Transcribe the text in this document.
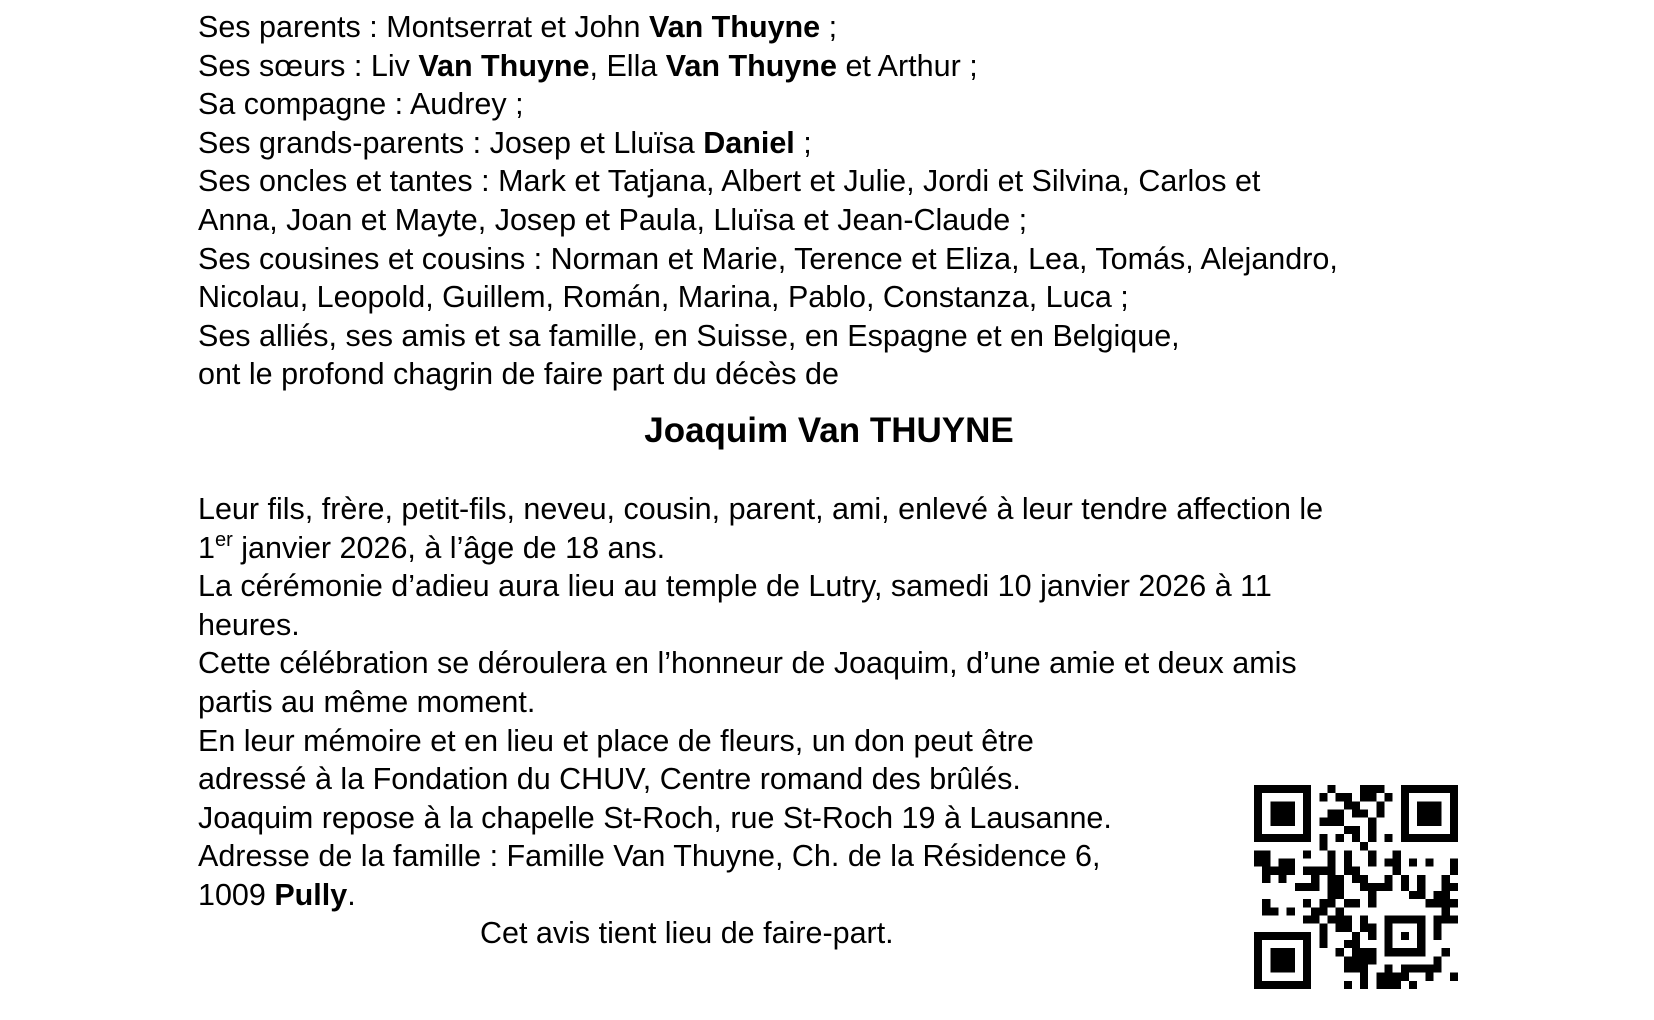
Ses parents : Montserrat et John Van Thuyne ;
Ses sœurs : Liv Van Thuyne, Ella Van Thuyne et Arthur ;
Sa compagne : Audrey ;
Ses grands-parents : Josep et Lluïsa Daniel ;
Ses oncles et tantes : Mark et Tatjana, Albert et Julie, Jordi et Silvina, Carlos et
Anna, Joan et Mayte, Josep et Paula, Lluïsa et Jean-Claude ;
Ses cousines et cousins : Norman et Marie, Terence et Eliza, Lea, Tomás, Alejandro,
Nicolau, Leopold, Guillem, Román, Marina, Pablo, Constanza, Luca ;
Ses alliés, ses amis et sa famille, en Suisse, en Espagne et en Belgique,
ont le profond chagrin de faire part du décès de
Joaquim Van THUYNE
Leur fils, frère, petit-fils, neveu, cousin, parent, ami, enlevé à leur tendre affection le
1er janvier 2026, à l’âge de 18 ans.
La cérémonie d’adieu aura lieu au temple de Lutry, samedi 10 janvier 2026 à 11
heures.
Cette célébration se déroulera en l’honneur de Joaquim, d’une amie et deux amis
partis au même moment.
En leur mémoire et en lieu et place de fleurs, un don peut être
adressé à la Fondation du CHUV, Centre romand des brûlés.
Joaquim repose à la chapelle St-Roch, rue St-Roch 19 à Lausanne.
Adresse de la famille : Famille Van Thuyne, Ch. de la Résidence 6,
1009 Pully.
Cet avis tient lieu de faire-part.
